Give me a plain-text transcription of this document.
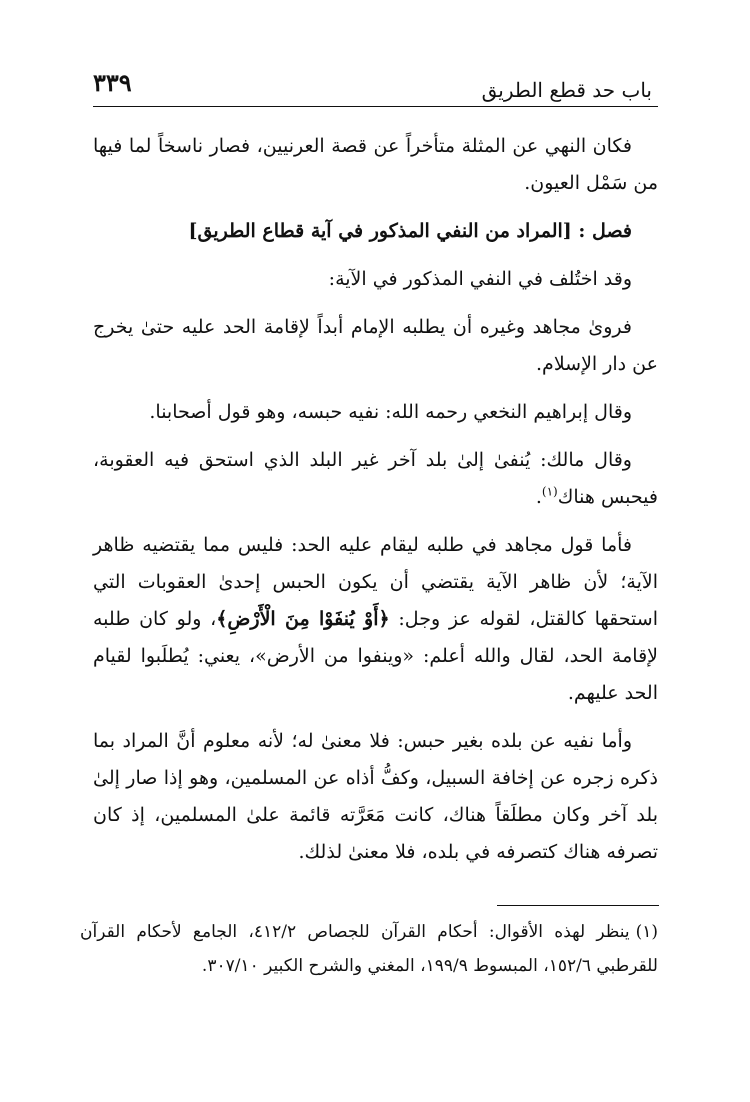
باب حد قطع الطريق
٣٣٩

فكان النهي عن المثلة متأخراً عن قصة العرنيين، فصار ناسخاً لما فيها من سَمْل العيون.

فصل : [المراد من النفي المذكور في آية قطاع الطريق]

وقد اختُلف في النفي المذكور في الآية:

فروىٰ مجاهد وغيره أن يطلبه الإمام أبداً لإقامة الحد عليه حتىٰ يخرج عن دار الإسلام.

وقال إبراهيم النخعي رحمه الله: نفيه حبسه، وهو قول أصحابنا.

وقال مالك: يُنفىٰ إلىٰ بلد آخر غير البلد الذي استحق فيه العقوبة، فيحبس هناك$^{(١)}$.

فأما قول مجاهد في طلبه ليقام عليه الحد: فليس مما يقتضيه ظاهر الآية؛ لأن ظاهر الآية يقتضي أن يكون الحبس إحدىٰ العقوبات التي استحقها كالقتل، لقوله عز وجل: ﴿أَوْ يُنفَوْا مِنَ الْأَرْضِ﴾، ولو كان طلبه لإقامة الحد، لقال والله أعلم: «وينفوا من الأرض»، يعني: يُطلَبوا لقيام الحد عليهم.

وأما نفيه عن بلده بغير حبس: فلا معنىٰ له؛ لأنه معلوم أنَّ المراد بما ذكره زجره عن إخافة السبيل، وكفُّ أذاه عن المسلمين، وهو إذا صار إلىٰ بلد آخر وكان مطلَقاً هناك، كانت مَعَرَّته قائمة علىٰ المسلمين، إذ كان تصرفه هناك كتصرفه في بلده، فلا معنىٰ لذلك.

(١)ينظر لهذه الأقوال: أحكام القرآن للجصاص ٤١٢/٢، الجامع لأحكام القرآن للقرطبي ١٥٢/٦، المبسوط ١٩٩/٩، المغني والشرح الكبير ٣٠٧/١٠.
